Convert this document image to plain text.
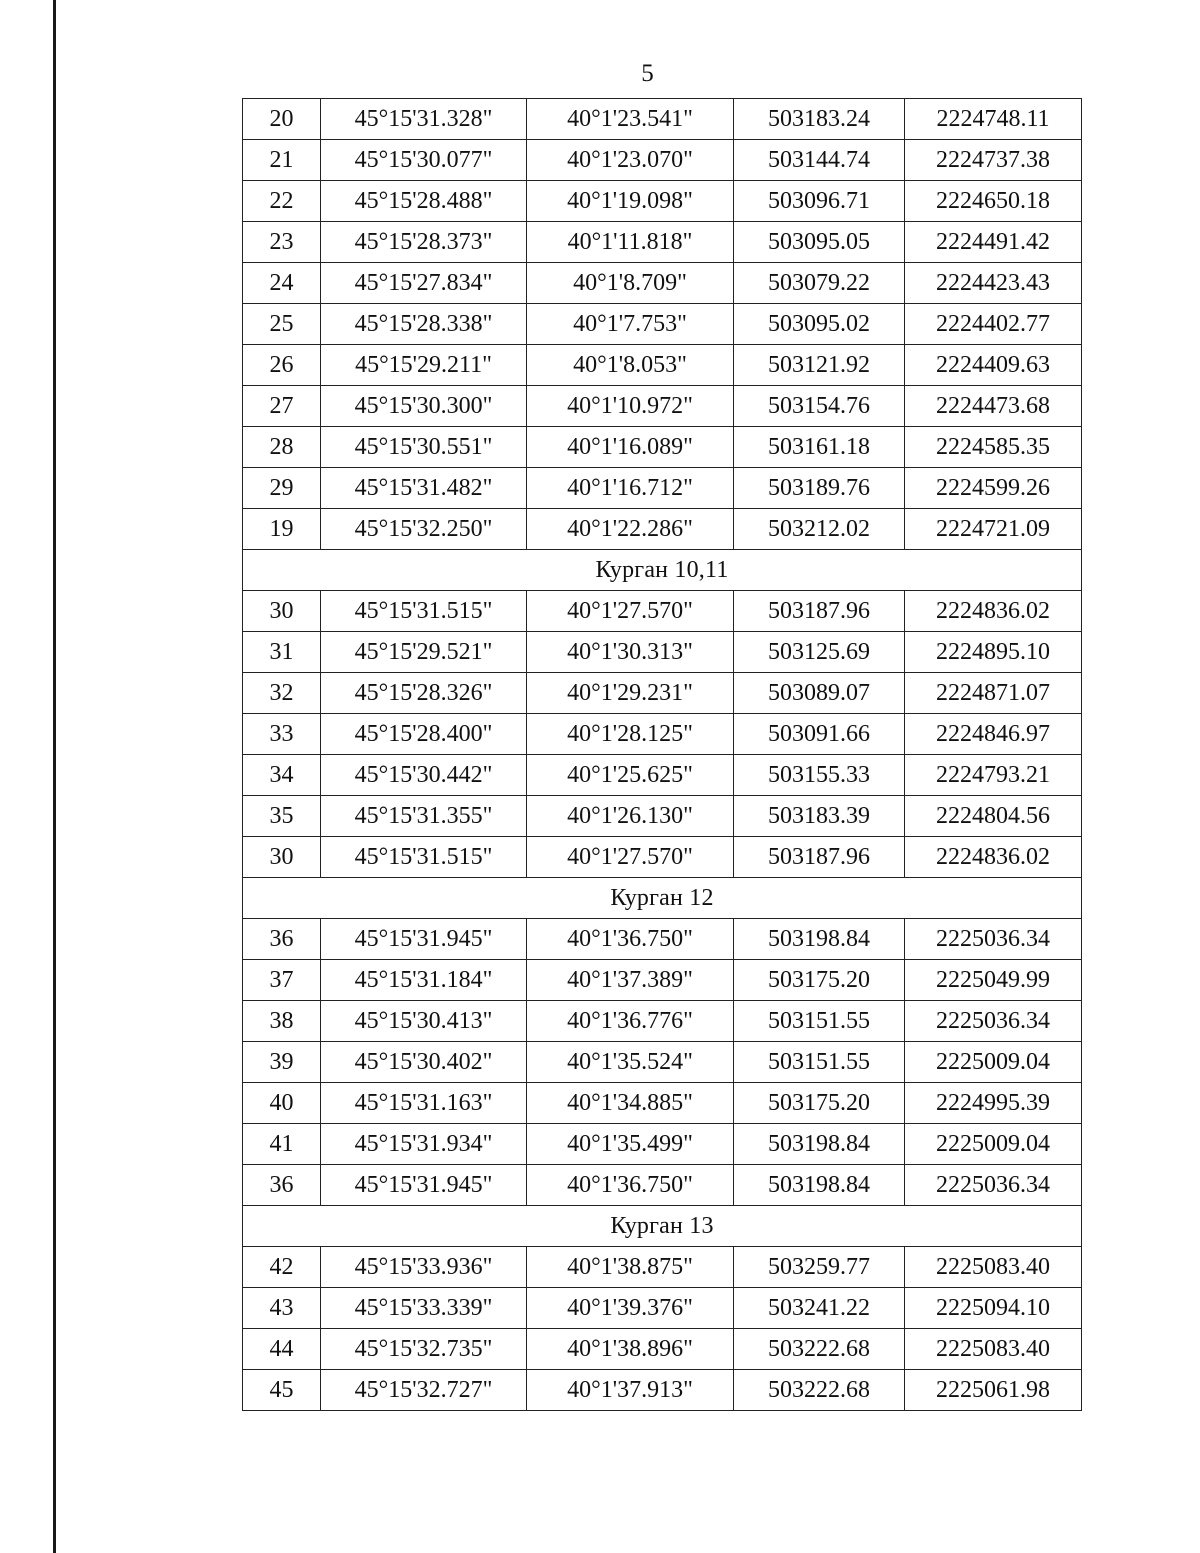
5
20	45°15'31.328"	40°1'23.541"	503183.24	2224748.11
21	45°15'30.077"	40°1'23.070"	503144.74	2224737.38
22	45°15'28.488"	40°1'19.098"	503096.71	2224650.18
23	45°15'28.373"	40°1'11.818"	503095.05	2224491.42
24	45°15'27.834"	40°1'8.709"	503079.22	2224423.43
25	45°15'28.338"	40°1'7.753"	503095.02	2224402.77
26	45°15'29.211"	40°1'8.053"	503121.92	2224409.63
27	45°15'30.300"	40°1'10.972"	503154.76	2224473.68
28	45°15'30.551"	40°1'16.089"	503161.18	2224585.35
29	45°15'31.482"	40°1'16.712"	503189.76	2224599.26
19	45°15'32.250"	40°1'22.286"	503212.02	2224721.09
Курган 10,11				
30	45°15'31.515"	40°1'27.570"	503187.96	2224836.02
31	45°15'29.521"	40°1'30.313"	503125.69	2224895.10
32	45°15'28.326"	40°1'29.231"	503089.07	2224871.07
33	45°15'28.400"	40°1'28.125"	503091.66	2224846.97
34	45°15'30.442"	40°1'25.625"	503155.33	2224793.21
35	45°15'31.355"	40°1'26.130"	503183.39	2224804.56
30	45°15'31.515"	40°1'27.570"	503187.96	2224836.02
Курган 12				
36	45°15'31.945"	40°1'36.750"	503198.84	2225036.34
37	45°15'31.184"	40°1'37.389"	503175.20	2225049.99
38	45°15'30.413"	40°1'36.776"	503151.55	2225036.34
39	45°15'30.402"	40°1'35.524"	503151.55	2225009.04
40	45°15'31.163"	40°1'34.885"	503175.20	2224995.39
41	45°15'31.934"	40°1'35.499"	503198.84	2225009.04
36	45°15'31.945"	40°1'36.750"	503198.84	2225036.34
Курган 13				
42	45°15'33.936"	40°1'38.875"	503259.77	2225083.40
43	45°15'33.339"	40°1'39.376"	503241.22	2225094.10
44	45°15'32.735"	40°1'38.896"	503222.68	2225083.40
45	45°15'32.727"	40°1'37.913"	503222.68	2225061.98
